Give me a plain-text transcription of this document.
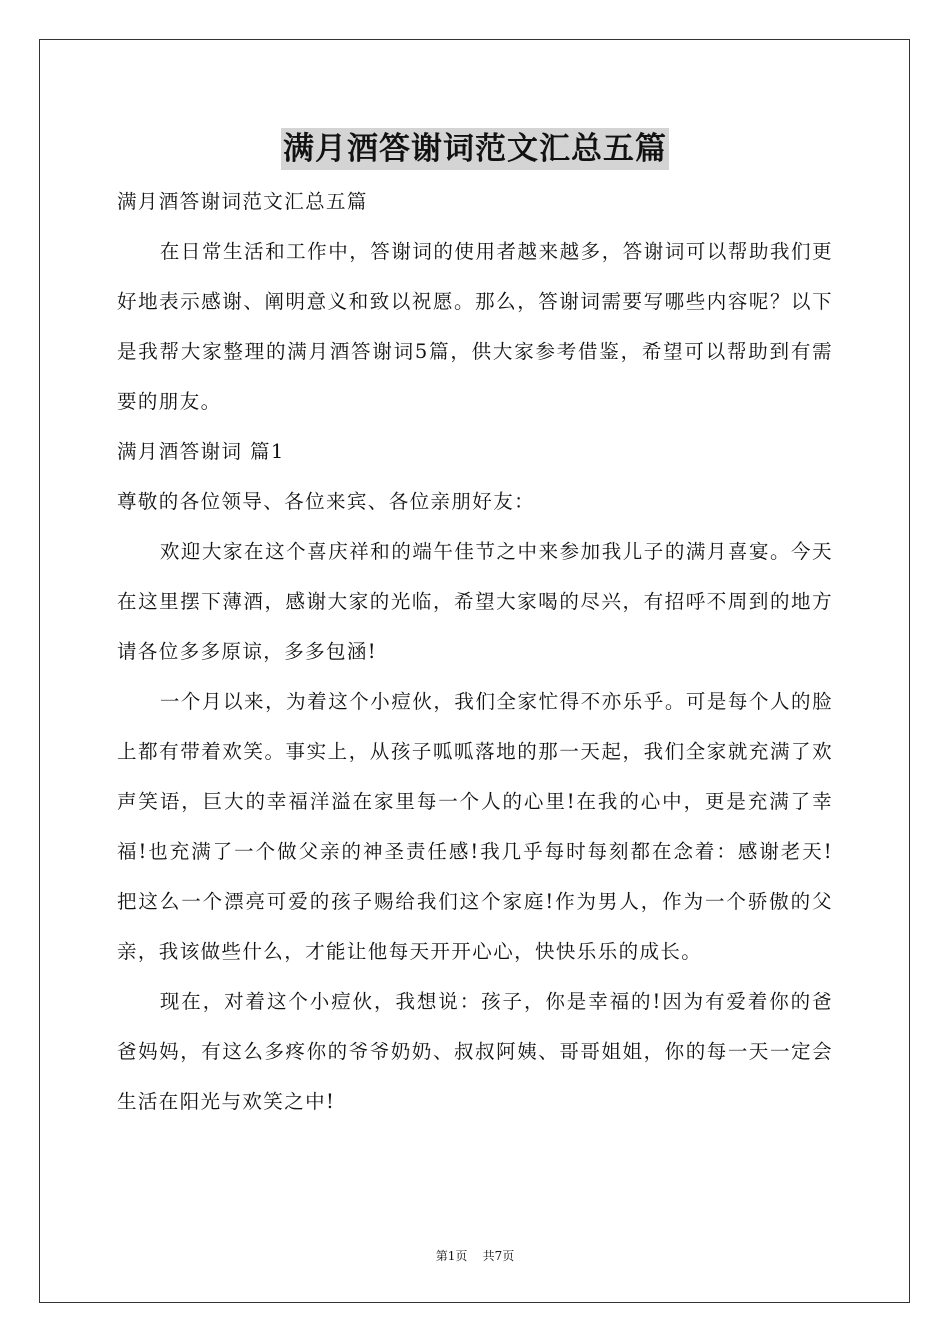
满月酒答谢词范文汇总五篇

满月酒答谢词范文汇总五篇

在日常生活和工作中，答谢词的使用者越来越多，答谢词可以帮助我们更好地表示感谢、阐明意义和致以祝愿。那么，答谢词需要写哪些内容呢？以下是我帮大家整理的满月酒答谢词5篇，供大家参考借鉴，希望可以帮助到有需要的朋友。

满月酒答谢词 篇1

尊敬的各位领导、各位来宾、各位亲朋好友：

欢迎大家在这个喜庆祥和的端午佳节之中来参加我儿子的满月喜宴。今天在这里摆下薄酒，感谢大家的光临，希望大家喝的尽兴，有招呼不周到的地方请各位多多原谅，多多包涵!

一个月以来，为着这个小痘伙，我们全家忙得不亦乐乎。可是每个人的脸上都有带着欢笑。事实上，从孩子呱呱落地的那一天起，我们全家就充满了欢声笑语，巨大的幸福洋溢在家里每一个人的心里!在我的心中，更是充满了幸福!也充满了一个做父亲的神圣责任感!我几乎每时每刻都在念着：感谢老天!把这么一个漂亮可爱的孩子赐给我们这个家庭!作为男人，作为一个骄傲的父亲，我该做些什么，才能让他每天开开心心，快快乐乐的成长。

现在，对着这个小痘伙，我想说：孩子，你是幸福的!因为有爱着你的爸爸妈妈，有这么多疼你的爷爷奶奶、叔叔阿姨、哥哥姐姐，你的每一天一定会生活在阳光与欢笑之中!

第1页 共7页
